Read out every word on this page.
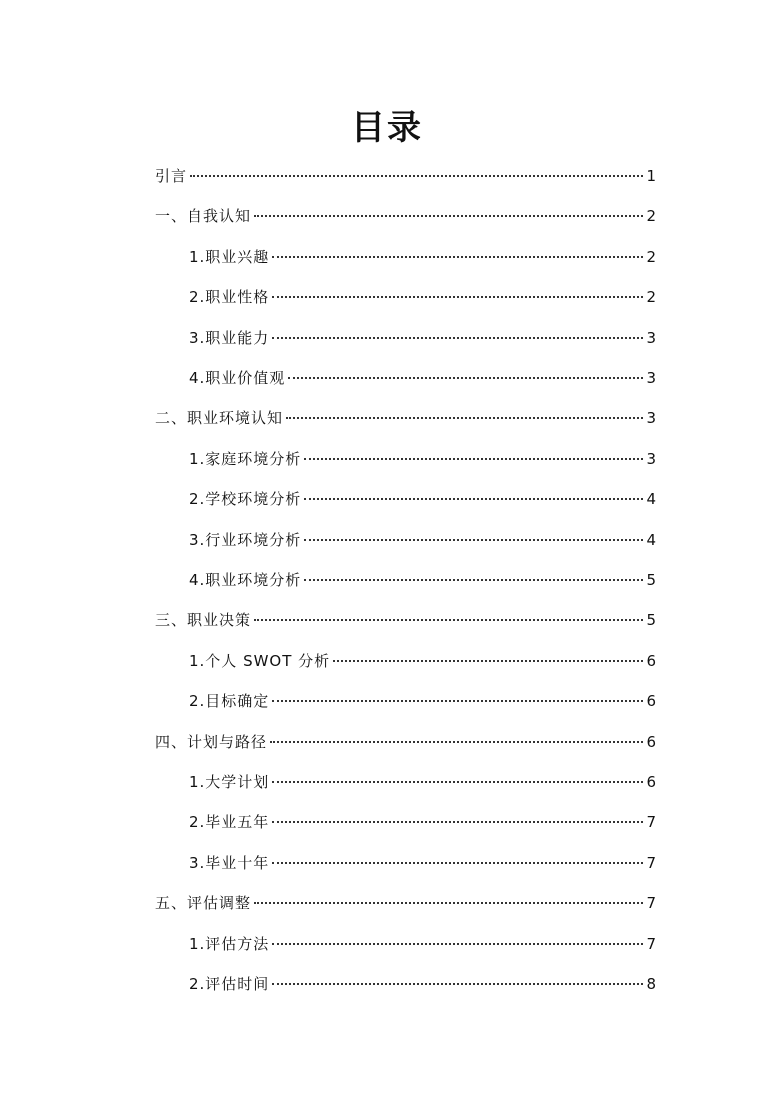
目录
引言	1
一、自我认知	2
1.职业兴趣	2
2.职业性格	2
3.职业能力	3
4.职业价值观	3
二、职业环境认知	3
1.家庭环境分析	3
2.学校环境分析	4
3.行业环境分析	4
4.职业环境分析	5
三、职业决策	5
1.个人 SWOT 分析	6
2.目标确定	6
四、计划与路径	6
1.大学计划	6
2.毕业五年	7
3.毕业十年	7
五、评估调整	7
1.评估方法	7
2.评估时间	8
